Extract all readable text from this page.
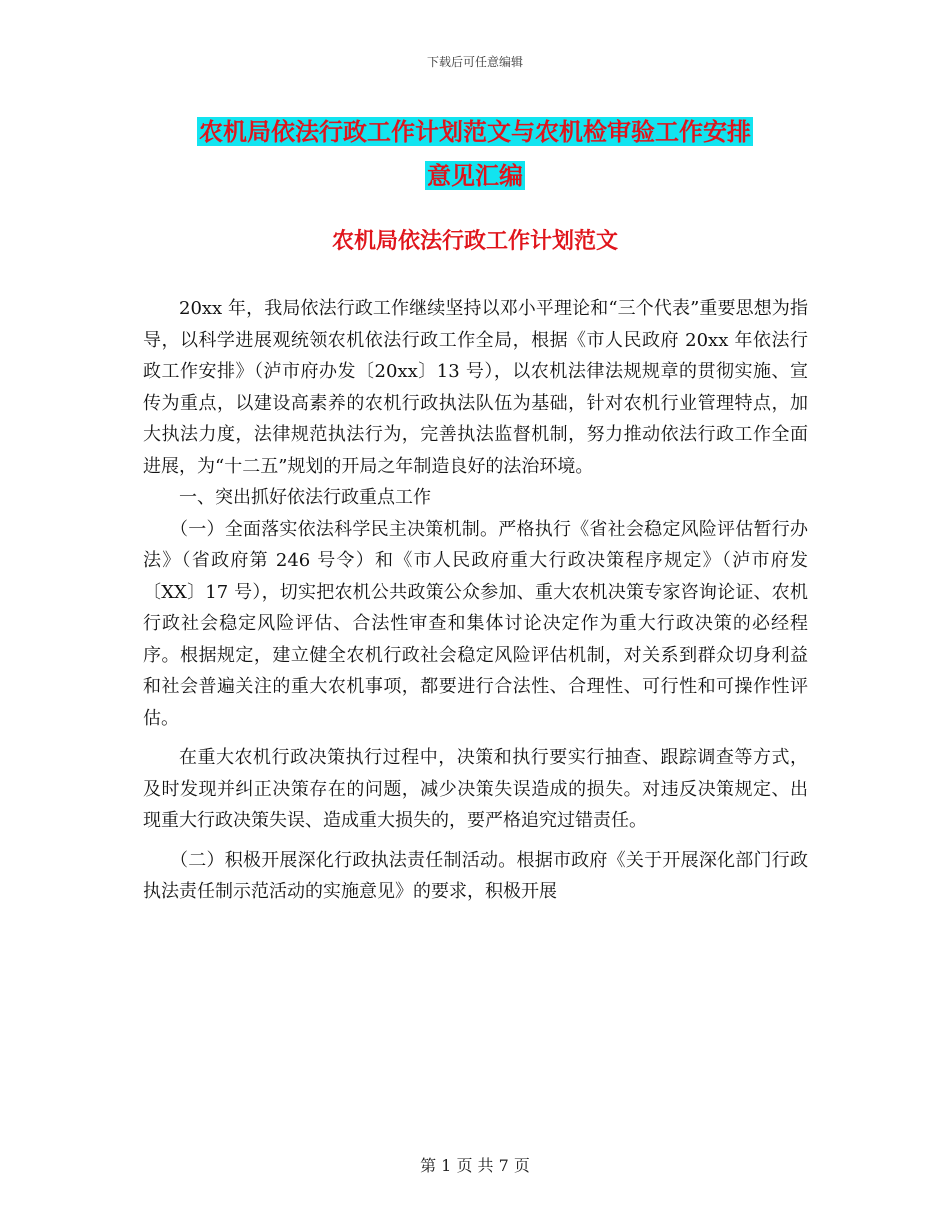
下载后可任意编辑
农机局依法行政工作计划范文与农机检审验工作安排
意见汇编
农机局依法行政工作计划范文

20xx 年，我局依法行政工作继续坚持以邓小平理论和“三个代表”重要思想为指导，以科学进展观统领农机依法行政工作全局，根据《市人民政府 20xx 年依法行政工作安排》（泸市府办发〔20xx〕13 号），以农机法律法规规章的贯彻实施、宣传为重点，以建设高素养的农机行政执法队伍为基础，针对农机行业管理特点，加大执法力度，法律规范执法行为，完善执法监督机制，努力推动依法行政工作全面进展，为“十二五”规划的开局之年制造良好的法治环境。

一、突出抓好依法行政重点工作

（一）全面落实依法科学民主决策机制。严格执行《省社会稳定风险评估暂行办法》（省政府第 246 号令）和《市人民政府重大行政决策程序规定》（泸市府发〔XX〕17 号），切实把农机公共政策公众参加、重大农机决策专家咨询论证、农机行政社会稳定风险评估、合法性审查和集体讨论决定作为重大行政决策的必经程序。根据规定，建立健全农机行政社会稳定风险评估机制，对关系到群众切身利益和社会普遍关注的重大农机事项，都要进行合法性、合理性、可行性和可操作性评估。

在重大农机行政决策执行过程中，决策和执行要实行抽查、跟踪调查等方式，及时发现并纠正决策存在的问题，减少决策失误造成的损失。对违反决策规定、出现重大行政决策失误、造成重大损失的，要严格追究过错责任。

（二）积极开展深化行政执法责任制活动。根据市政府《关于开展深化部门行政执法责任制示范活动的实施意见》的要求，积极开展

第 1 页 共 7 页
